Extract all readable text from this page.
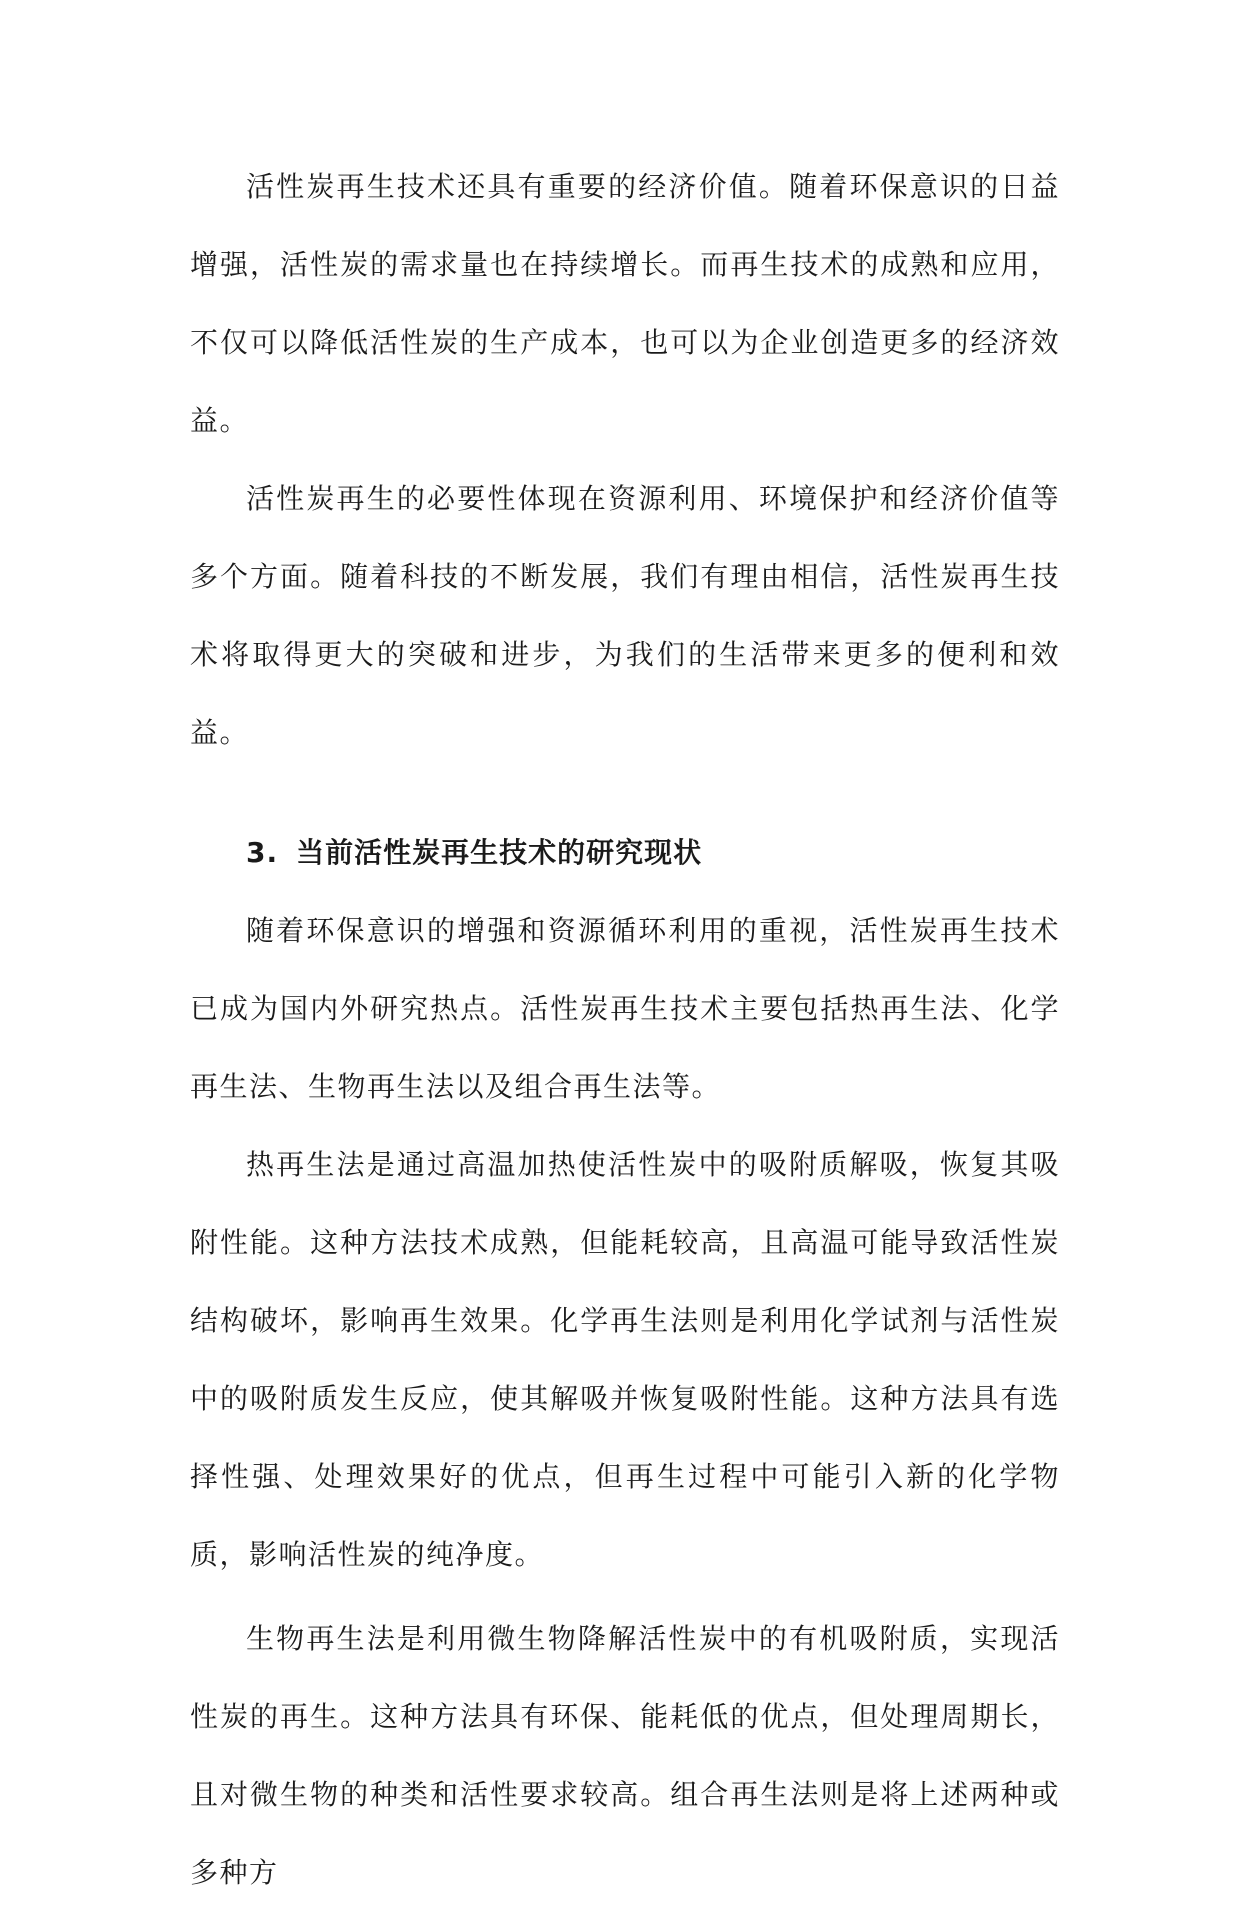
活性炭再生技术还具有重要的经济价值。随着环保意识的日益增强，活性炭的需求量也在持续增长。而再生技术的成熟和应用，不仅可以降低活性炭的生产成本，也可以为企业创造更多的经济效益。

活性炭再生的必要性体现在资源利用、环境保护和经济价值等多个方面。随着科技的不断发展，我们有理由相信，活性炭再生技术将取得更大的突破和进步，为我们的生活带来更多的便利和效益。

3. 当前活性炭再生技术的研究现状

随着环保意识的增强和资源循环利用的重视，活性炭再生技术已成为国内外研究热点。活性炭再生技术主要包括热再生法、化学再生法、生物再生法以及组合再生法等。

热再生法是通过高温加热使活性炭中的吸附质解吸，恢复其吸附性能。这种方法技术成熟，但能耗较高，且高温可能导致活性炭结构破坏，影响再生效果。化学再生法则是利用化学试剂与活性炭中的吸附质发生反应，使其解吸并恢复吸附性能。这种方法具有选择性强、处理效果好的优点，但再生过程中可能引入新的化学物质，影响活性炭的纯净度。

生物再生法是利用微生物降解活性炭中的有机吸附质，实现活性炭的再生。这种方法具有环保、能耗低的优点，但处理周期长，且对微生物的种类和活性要求较高。组合再生法则是将上述两种或多种方
